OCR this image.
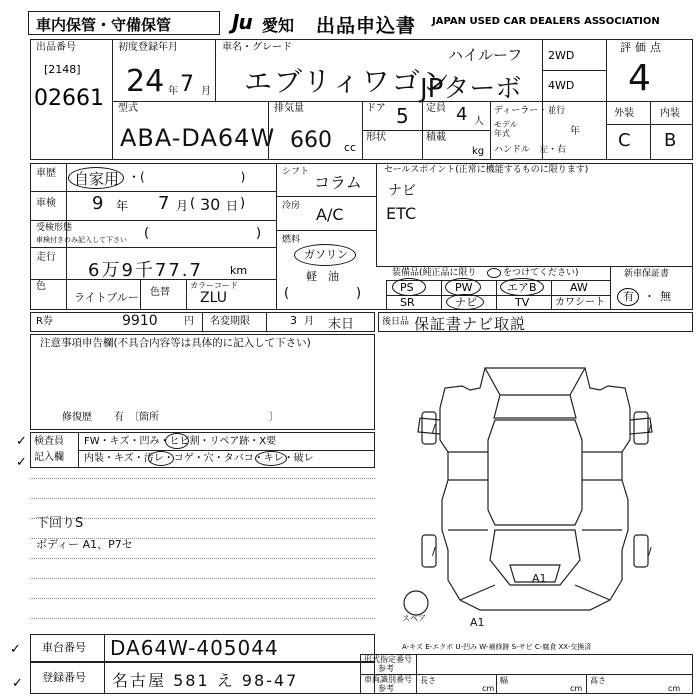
車内保管・守備保管	Ju 愛知 出品申込書 JAPAN USED CAR DEALERS ASSOCIATION
出品番号
[2148]
02661
初度登録年月
24 年 7 月
車名・グレード
エブリィワゴン
ハイルーフ
JPターボ
2WD
4WD
評価点
4
型式
ABA-DA64W
排気量
660 cc
ドア 5 定員 4 人
形状	積載
kg
ディーラー・並行
モデル
年式	年
ハンドル　左・右
外装	内装
C B
車歴 自家用 ・(　　　　　　　　)
車検 9 年 7 月 ( 30 日 )
受検形態
車検付きのみ記入して下さい (	)
走行
6万9千77.7 km
色
ライトブルー 色替
カラーコード
ZLU
シフト
コラム
冷房 A/C
燃料
ガソリン
軽　油
(	)
セールスポイント(正常に機能するものに限ります)
ナビ
ETC
装備品(純正品に限り	をつけてください)
PS	PW	エアB	AW
SR	ナビ	TV	カワシート
新車保証書
有 ・ 無
R券	9910	円 名変期限	3 月 末日	後日品 保証書ナビ取説
注意事項申告欄(不具合内容等は具体的に記入して下さい)
修復歴 有　〔箇所　　　　　　　　　　　〕
検査員
記入欄
FW・キズ・凹み・ヒビ割・リペア跡・X要
内装・キズ・汚レ・コゲ・穴・タバコ・キレ・破レ
✓
✓
下回りS
ボディー A1、P7セ
A1
A1
スペア
/	/
/	/
A-キズ E-エクボ U-凹み W-補修跡 S-サビ C-腐食 XX-交換済
車台番号 DA64W-405044
登録番号 名古屋 581 え 98-47
✓
✓
形式指定番号
参考
車両識別番号
参考
長さ
cm
幅
cm
高さ
cm
